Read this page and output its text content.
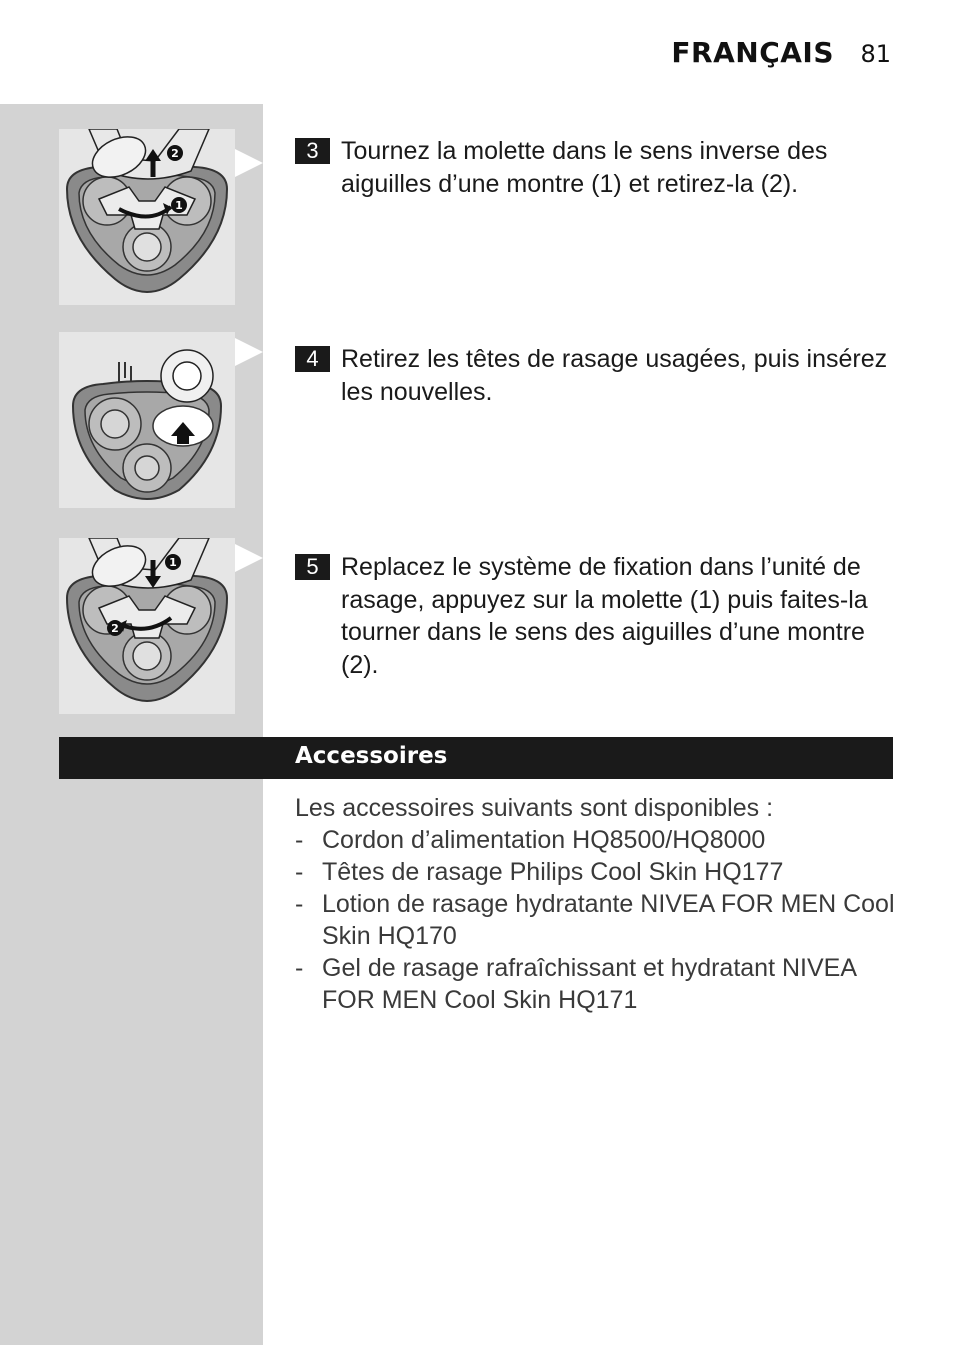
FRANÇAIS 81
2
1
1
2
3 Tournez la molette dans le sens inverse des aiguilles d’une montre (1) et retirez-la (2).
4 Retirez les têtes de rasage usagées, puis insérez les nouvelles.
5 Replacez le système de fixation dans l’unité de rasage, appuyez sur la molette (1) puis faites-la tourner dans le sens des aiguilles d’une montre (2).
Accessoires
Les accessoires suivants sont disponibles :
- Cordon d’alimentation HQ8500/HQ8000
- Têtes de rasage Philips Cool Skin HQ177
- Lotion de rasage hydratante NIVEA FOR MEN Cool Skin HQ170
- Gel de rasage rafraîchissant et hydratant NIVEA FOR MEN Cool Skin HQ171
